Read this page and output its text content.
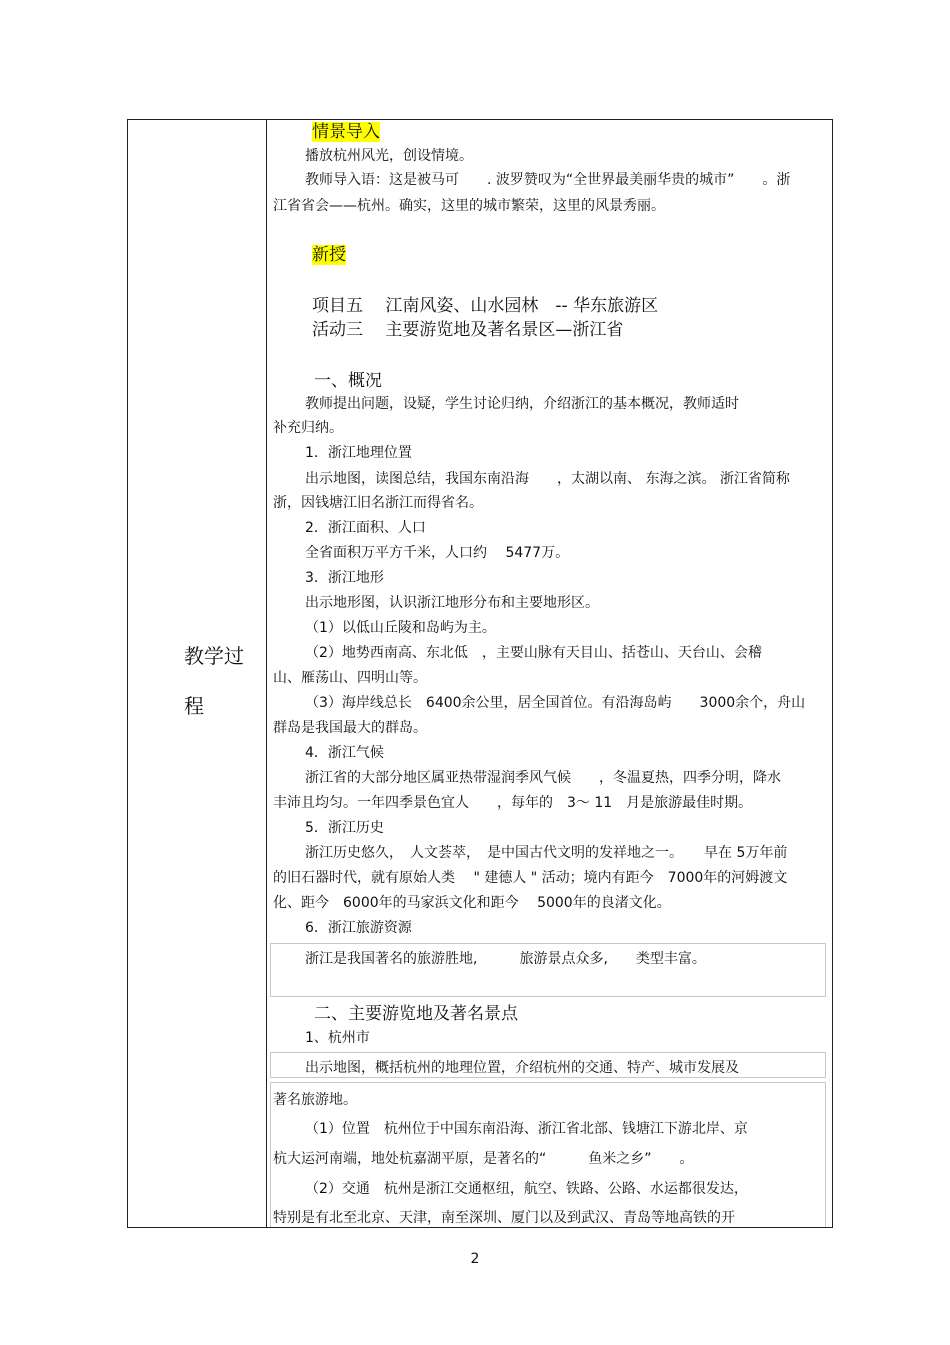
教学过
程
情景导入
播放杭州风光，创设情境。
教师导入语：这是被马可　　. 波罗赞叹为“全世界最美丽华贵的城市”　　。浙
江省省会——杭州。确实，这里的城市繁荣，这里的风景秀丽。
新授
项目五　 江南风姿、山水园林　-- 华东旅游区
活动三　 主要游览地及著名景区—浙江省
一、概况
教师提出问题，设疑，学生讨论归纳，介绍浙江的基本概况，教师适时
补充归纳。
1．浙江地理位置
出示地图，读图总结，我国东南沿海　　，太湖以南、 东海之滨。 浙江省简称
浙，因钱塘江旧名浙江而得省名。
2．浙江面积、人口
全省面积万平方千米，人口约　 5477万。
3．浙江地形
出示地形图，认识浙江地形分布和主要地形区。
（1）以低山丘陵和岛屿为主。
（2）地势西南高、东北低　，主要山脉有天目山、括苍山、天台山、会稽
山、雁荡山、四明山等。
（3）海岸线总长　6400余公里，居全国首位。有沿海岛屿　　3000余个，舟山
群岛是我国最大的群岛。
4．浙江气候
浙江省的大部分地区属亚热带湿润季风气候　　，冬温夏热，四季分明，降水
丰沛且均匀。一年四季景色宜人　　，每年的　3～ 11　月是旅游最佳时期。
5．浙江历史
浙江历史悠久，　人文荟萃，　是中国古代文明的发祥地之一。　　早在 5万年前
的旧石器时代，就有原始人类　 " 建德人 " 活动；境内有距今　7000年的河姆渡文
化、距今　6000年的马家浜文化和距今　 5000年的良渚文化。
6．浙江旅游资源
浙江是我国著名的旅游胜地,　　　旅游景点众多,　　类型丰富。
二、主要游览地及著名景点
1、杭州市
出示地图，概括杭州的地理位置，介绍杭州的交通、特产、城市发展及
著名旅游地。
（1）位置　杭州位于中国东南沿海、浙江省北部、钱塘江下游北岸、京
杭大运河南端，地处杭嘉湖平原，是著名的“　　　鱼米之乡”　　。
（2）交通　杭州是浙江交通枢纽，航空、铁路、公路、水运都很发达，
特别是有北至北京、天津，南至深圳、厦门以及到武汉、青岛等地高铁的开
2
